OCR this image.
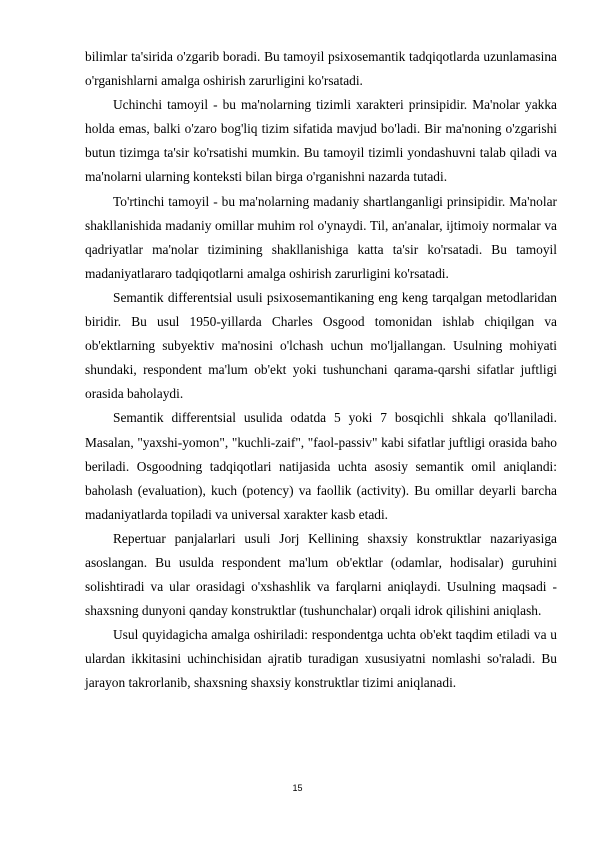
bilimlar ta'sirida o'zgarib boradi. Bu tamoyil psixosemantik tadqiqotlarda uzunlamasina o'rganishlarni amalga oshirish zarurligini ko'rsatadi.

Uchinchi tamoyil - bu ma'nolarning tizimli xarakteri prinsipidir. Ma'nolar yakka holda emas, balki o'zaro bog'liq tizim sifatida mavjud bo'ladi. Bir ma'noning o'zgarishi butun tizimga ta'sir ko'rsatishi mumkin. Bu tamoyil tizimli yondashuvni talab qiladi va ma'nolarni ularning konteksti bilan birga o'rganishni nazarda tutadi.

To'rtinchi tamoyil - bu ma'nolarning madaniy shartlanganligi prinsipidir. Ma'nolar shakllanishida madaniy omillar muhim rol o'ynaydi. Til, an'analar, ijtimoiy normalar va qadriyatlar ma'nolar tizimining shakllanishiga katta ta'sir ko'rsatadi. Bu tamoyil madaniyatlararo tadqiqotlarni amalga oshirish zarurligini ko'rsatadi.

Semantik differentsial usuli psixosemantikaning eng keng tarqalgan metodlaridan biridir. Bu usul 1950-yillarda Charles Osgood tomonidan ishlab chiqilgan va ob'ektlarning subyektiv ma'nosini o'lchash uchun mo'ljallangan. Usulning mohiyati shundaki, respondent ma'lum ob'ekt yoki tushunchani qarama-qarshi sifatlar juftligi orasida baholaydi.

Semantik differentsial usulida odatda 5 yoki 7 bosqichli shkala qo'llaniladi. Masalan, "yaxshi-yomon", "kuchli-zaif", "faol-passiv" kabi sifatlar juftligi orasida baho beriladi. Osgoodning tadqiqotlari natijasida uchta asosiy semantik omil aniqlandi: baholash (evaluation), kuch (potency) va faollik (activity). Bu omillar deyarli barcha madaniyatlarda topiladi va universal xarakter kasb etadi.

Repertuar panjalarlari usuli Jorj Kellining shaxsiy konstruktlar nazariyasiga asoslangan. Bu usulda respondent ma'lum ob'ektlar (odamlar, hodisalar) guruhini solishtiradi va ular orasidagi o'xshashlik va farqlarni aniqlaydi. Usulning maqsadi - shaxsning dunyoni qanday konstruktlar (tushunchalar) orqali idrok qilishini aniqlash.

Usul quyidagicha amalga oshiriladi: respondentga uchta ob'ekt taqdim etiladi va u ulardan ikkitasini uchinchisidan ajratib turadigan xususiyatni nomlashi so'raladi. Bu jarayon takrorlanib, shaxsning shaxsiy konstruktlar tizimi aniqlanadi.

15
